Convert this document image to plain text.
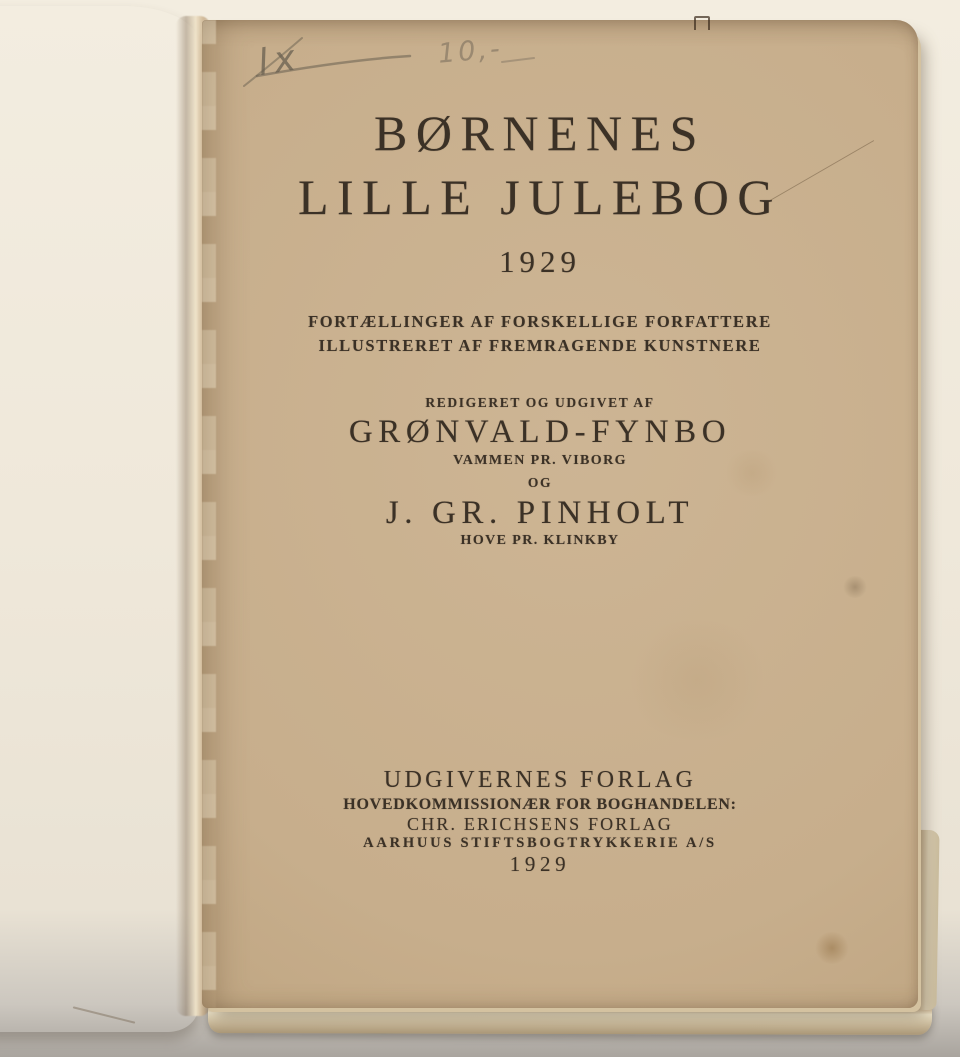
BØRNENES
LILLE JULEBOG
1929
FORTÆLLINGER AF FORSKELLIGE FORFATTERE
ILLUSTRERET AF FREMRAGENDE KUNSTNERE
REDIGERET OG UDGIVET AF
GRØNVALD-FYNBO
VAMMEN PR. VIBORG
OG
J. GR. PINHOLT
HOVE PR. KLINKBY
UDGIVERNES FORLAG
HOVEDKOMMISSIONÆR FOR BOGHANDELEN:
CHR. ERICHSENS FORLAG
AARHUUS STIFTSBOGTRYKKERIE A/S
1929
lx	10,-
